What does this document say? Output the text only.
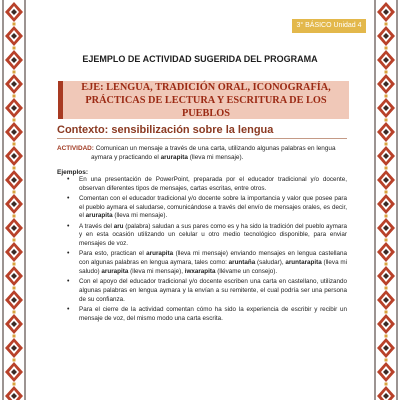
3° BÁSICO Unidad 4
EJEMPLO DE ACTIVIDAD SUGERIDA DEL PROGRAMA
EJE: LENGUA, TRADICIÓN ORAL, ICONOGRAFÍA,
PRÁCTICAS DE LECTURA Y ESCRITURA DE LOS PUEBLOS
Contexto: sensibilización sobre la lengua
ACTIVIDAD: Comunican un mensaje a través de una carta, utilizando algunas palabras en lengua
aymara y practicando el arurapita (lleva mi mensaje).
Ejemplos:
• En una presentación de PowerPoint, preparada por el educador tradicional y/o docente, observan diferentes tipos de mensajes, cartas escritas, entre otros.
• Comentan con el educador tradicional y/o docente sobre la importancia y valor que posee para el pueblo aymara el saludarse, comunicándose a través del envío de mensajes orales, es decir, el arurapita (lleva mi mensaje).
• A través del aru (palabra) saludan a sus pares como es y ha sido la tradición del pueblo aymara y en esta ocasión utilizando un celular u otro medio tecnológico disponible, para enviar mensajes de voz.
• Para esto, practican el arurapita (lleva mi mensaje) enviando mensajes en lengua castellana con algunas palabras en lengua aymara, tales como: aruntaña (saludar), aruntarapita (lleva mi saludo) arurapita (lleva mi mensaje), iwxarapita (llévame un consejo).
• Con el apoyo del educador tradicional y/o docente escriben una carta en castellano, utilizando algunas palabras en lengua aymara y la envían a su remitente, el cual podría ser una persona de su confianza.
• Para el cierre de la actividad comentan cómo ha sido la experiencia de escribir y recibir un mensaje de voz, del mismo modo una carta escrita.
